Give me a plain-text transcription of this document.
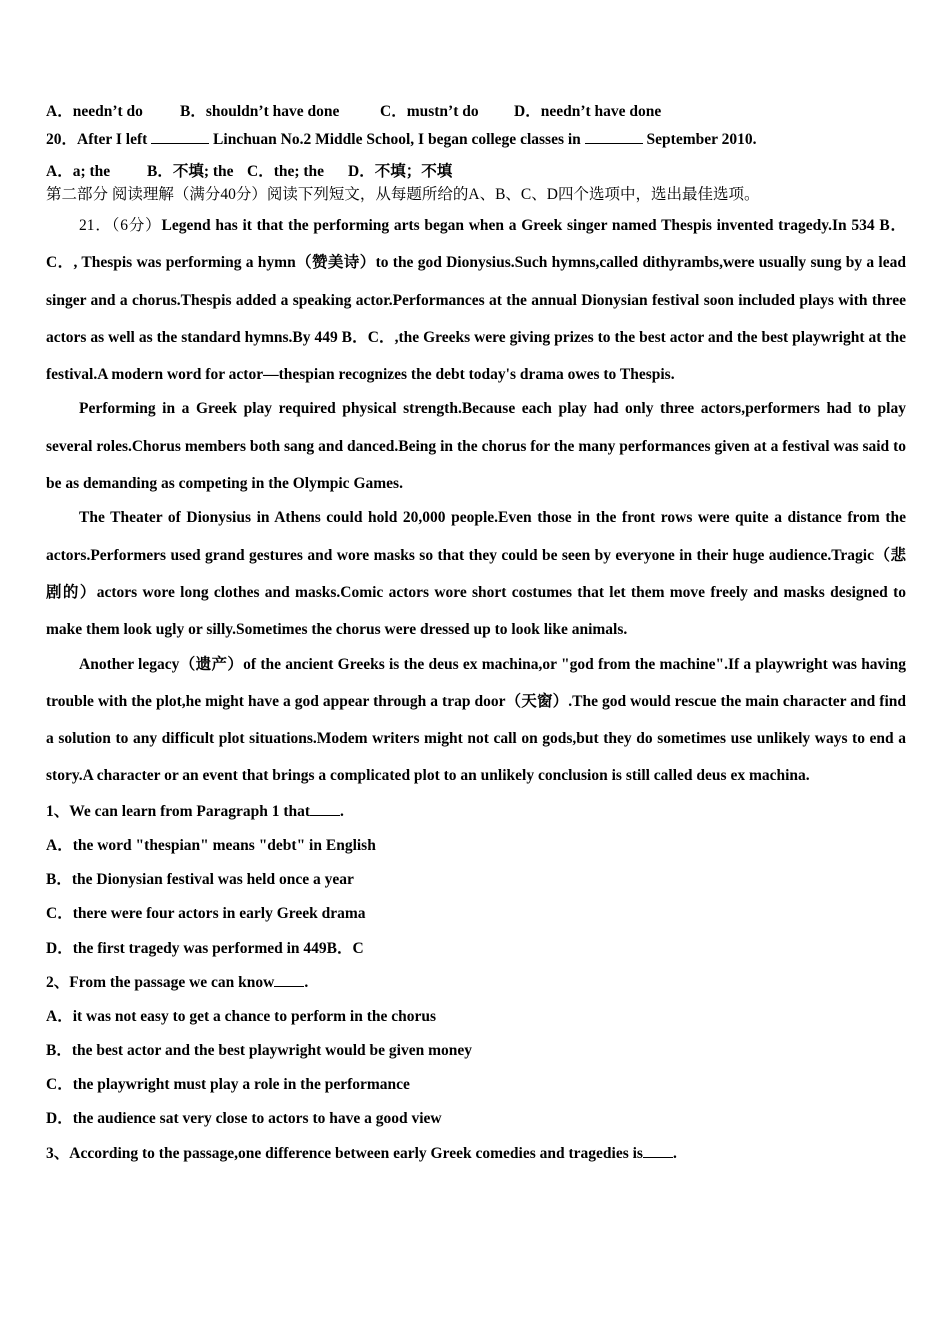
A．needn’t do B．shouldn’t have done	C．mustn’t do D．needn’t have done
20．After I left	Linchuan No.2 Middle School, I began college classes in	September 2010.
A．a; the B．不填; the C．the; the D．不填；不填
第二部分 阅读理解（满分40分）阅读下列短文，从每题所给的A、B、C、D四个选项中，选出最佳选项。

21．（6分）Legend has it that the performing arts began when a Greek singer named Thespis invented tragedy.In 534 B．C．, Thespis was performing a hymn（赞美诗）to the god Dionysius.Such hymns,called dithyrambs,were usually sung by a lead singer and a chorus.Thespis added a speaking actor.Performances at the annual Dionysian festival soon included plays with three actors as well as the standard hymns.By 449 B．C．,the Greeks were giving prizes to the best actor and the best playwright at the festival.A modern word for actor—thespian recognizes the debt today's drama owes to Thespis.

Performing in a Greek play required physical strength.Because each play had only three actors,performers had to play several roles.Chorus members both sang and danced.Being in the chorus for the many performances given at a festival was said to be as demanding as competing in the Olympic Games.

The Theater of Dionysius in Athens could hold 20,000 people.Even those in the front rows were quite a distance from the actors.Performers used grand gestures and wore masks so that they could be seen by everyone in their huge audience.Tragic（悲剧的）actors wore long clothes and masks.Comic actors wore short costumes that let them move freely and masks designed to make them look ugly or silly.Sometimes the chorus were dressed up to look like animals.

Another legacy（遗产）of the ancient Greeks is the deus ex machina,or "god from the machine".If a playwright was having trouble with the plot,he might have a god appear through a trap door（天窗）.The god would rescue the main character and find a solution to any difficult plot situations.Modem writers might not call on gods,but they do sometimes use unlikely ways to end a story.A character or an event that brings a complicated plot to an unlikely conclusion is still called deus ex machina.

1、We can learn from Paragraph 1 that .
A．the word "thespian" means "debt" in English
B．the Dionysian festival was held once a year
C．there were four actors in early Greek drama
D．the first tragedy was performed in 449B．C
2、From the passage we can know .
A．it was not easy to get a chance to perform in the chorus
B．the best actor and the best playwright would be given money
C．the playwright must play a role in the performance
D．the audience sat very close to actors to have a good view
3、According to the passage,one difference between early Greek comedies and tragedies is .
